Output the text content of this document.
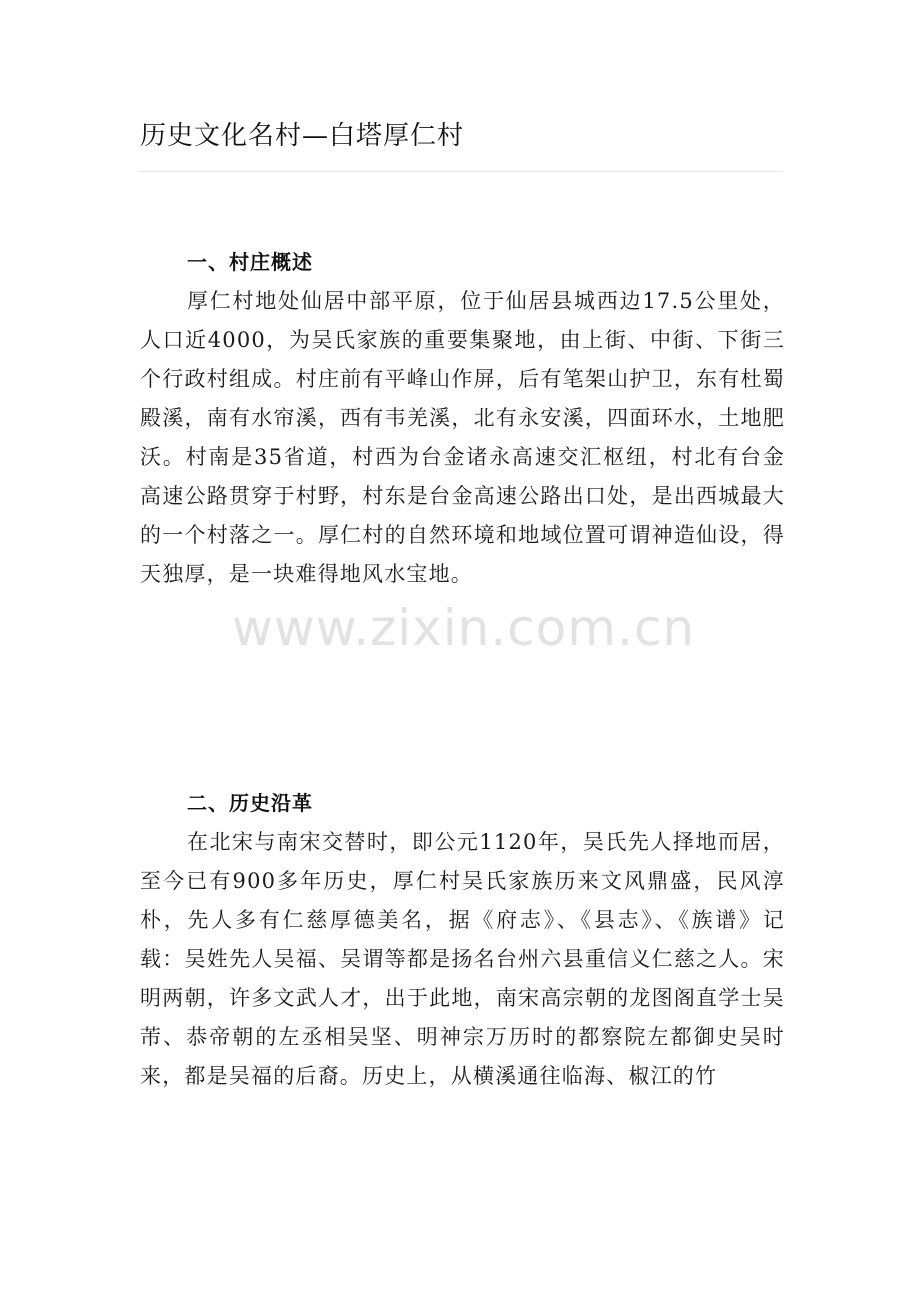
历史文化名村—白塔厚仁村
一、村庄概述

厚仁村地处仙居中部平原，位于仙居县城西边17.5公里处，人口近4000，为吴氏家族的重要集聚地，由上街、中街、下街三个行政村组成。村庄前有平峰山作屏，后有笔架山护卫，东有杜蜀殿溪，南有水帘溪，西有韦羌溪，北有永安溪，四面环水，土地肥沃。村南是35省道，村西为台金诸永高速交汇枢纽，村北有台金高速公路贯穿于村野，村东是台金高速公路出口处，是出西城最大的一个村落之一。厚仁村的自然环境和地域位置可谓神造仙设，得天独厚，是一块难得地风水宝地。

二、历史沿革

在北宋与南宋交替时，即公元1120年，吴氏先人择地而居，至今已有900多年历史，厚仁村吴氏家族历来文风鼎盛，民风淳朴，先人多有仁慈厚德美名，据《府志》、《县志》、《族谱》记载：吴姓先人吴福、吴谓等都是扬名台州六县重信义仁慈之人。宋明两朝，许多文武人才，出于此地，南宋高宗朝的龙图阁直学士吴芾、恭帝朝的左丞相吴坚、明神宗万历时的都察院左都御史吴时来，都是吴福的后裔。历史上，从横溪通往临海、椒江的竹

www.zixin.com.cn
